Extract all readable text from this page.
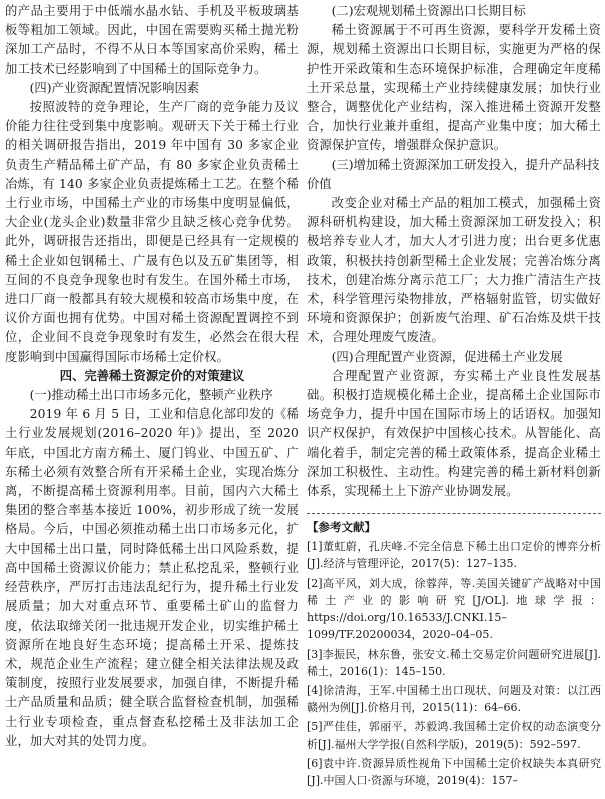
的产品主要用于中低端水晶水钻、手机及平板玻璃基板等粗加工领域。因此，中国在需要购买稀土抛光粉深加工产品时，不得不从日本等国家高价采购，稀土加工技术已经影响到了中国稀土的国际竞争力。

(四)产业资源配置情况影响因素

按照波特的竞争理论，生产厂商的竞争能力及议价能力往往受到集中度影响。观研天下关于稀土行业的相关调研报告指出，2019 年中国有 30 多家企业负责生产精品稀土矿产品，有 80 多家企业负责稀土冶炼，有 140 多家企业负责提炼稀土工艺。在整个稀土行业市场，中国稀土产业的市场集中度明显偏低，大企业(龙头企业)数量非常少且缺乏核心竞争优势。此外，调研报告还指出，即便是已经具有一定规模的稀土企业如包钢稀土、广晟有色以及五矿集团等，相互间的不良竞争现象也时有发生。在国外稀土市场，进口厂商一般都具有较大规模和较高市场集中度，在议价方面也拥有优势。中国对稀土资源配置调控不到位，企业间不良竞争现象时有发生，必然会在很大程度影响到中国赢得国际市场稀土定价权。

四、完善稀土资源定价的对策建议

(一)推动稀土出口市场多元化，整顿产业秩序

2019 年 6 月 5 日，工业和信息化部印发的《稀土行业发展规划(2016–2020 年)》提出，至 2020 年底，中国北方南方稀土、厦门钨业、中国五矿、广东稀土必须有效整合所有开采稀土企业，实现冶炼分离，不断提高稀土资源利用率。目前，国内六大稀土集团的整合率基本接近 100%，初步形成了统一发展格局。今后，中国必须推动稀土出口市场多元化，扩大中国稀土出口量，同时降低稀土出口风险系数，提高中国稀土资源议价能力；禁止私挖乱采，整顿行业经营秩序，严厉打击违法乱纪行为，提升稀土行业发展质量；加大对重点环节、重要稀土矿山的监督力度，依法取缔关闭一批违规开发企业，切实维护稀土资源所在地良好生态环境；提高稀土开采、提炼技术，规范企业生产流程；建立健全相关法律法规及政策制度，按照行业发展要求，加强自律，不断提升稀土产品质量和品质；健全联合监督检查机制，加强稀土行业专项检查，重点督查私挖稀土及非法加工企业，加大对其的处罚力度。

(二)宏观规划稀土资源出口长期目标

稀土资源属于不可再生资源，要科学开发稀土资源，规划稀土资源出口长期目标，实施更为严格的保护性开采政策和生态环境保护标准，合理确定年度稀土开采总量，实现稀土产业持续健康发展；加快行业整合，调整优化产业结构，深入推进稀土资源开发整合，加快行业兼并重组，提高产业集中度；加大稀土资源保护宣传，增强群众保护意识。

(三)增加稀土资源深加工研发投入，提升产品科技价值

改变企业对稀土产品的粗加工模式，加强稀土资源科研机构建设，加大稀土资源深加工研发投入；积极培养专业人才，加大人才引进力度；出台更多优惠政策，积极扶持创新型稀土企业发展；完善冶炼分离技术，创建冶炼分离示范工厂；大力推广清洁生产技术，科学管理污染物排放，严格辐射监管，切实做好环境和资源保护；创新废气治理、矿石冶炼及烘干技术，合理处理废气废渣。

(四)合理配置产业资源，促进稀土产业发展

合理配置产业资源，夯实稀土产业良性发展基础。积极打造规模化稀土企业，提高稀土企业国际市场竞争力，提升中国在国际市场上的话语权。加强知识产权保护，有效保护中国核心技术。从智能化、高端化着手，制定完善的稀土政策体系，提高企业稀土深加工积极性、主动性。构建完善的稀土新材料创新体系，实现稀土上下游产业协调发展。

【参考文献】

[1]董虹蔚，孔庆峰.不完全信息下稀土出口定价的博弈分析[J].经济与管理评论，2017(5)：127–135.

[2]高平风，刘大成，徐蓉萍，等.美国关键矿产战略对中国稀土产业的影响研究[J/OL].地球学报：https://doi.org/10.16533/J.CNKI.15–1099/TF.20200034，2020–04–05.

[3]李振民，林东鲁，张安文.稀土交易定价问题研究进展[J].稀土，2016(1)：145–150.

[4]徐清海，王军.中国稀土出口现状、问题及对策：以江西赣州为例[J].价格月刊，2015(11)：64–66.

[5]严佳佳，郭丽平，苏毅鸿.我国稀土定价权的动态演变分析[J].福州大学学报(自然科学版)，2019(5)：592–597.

[6]袁中许.资源异质性视角下中国稀土定价权缺失本真研究[J].中国人口·资源与环境，2019(4)：157–
